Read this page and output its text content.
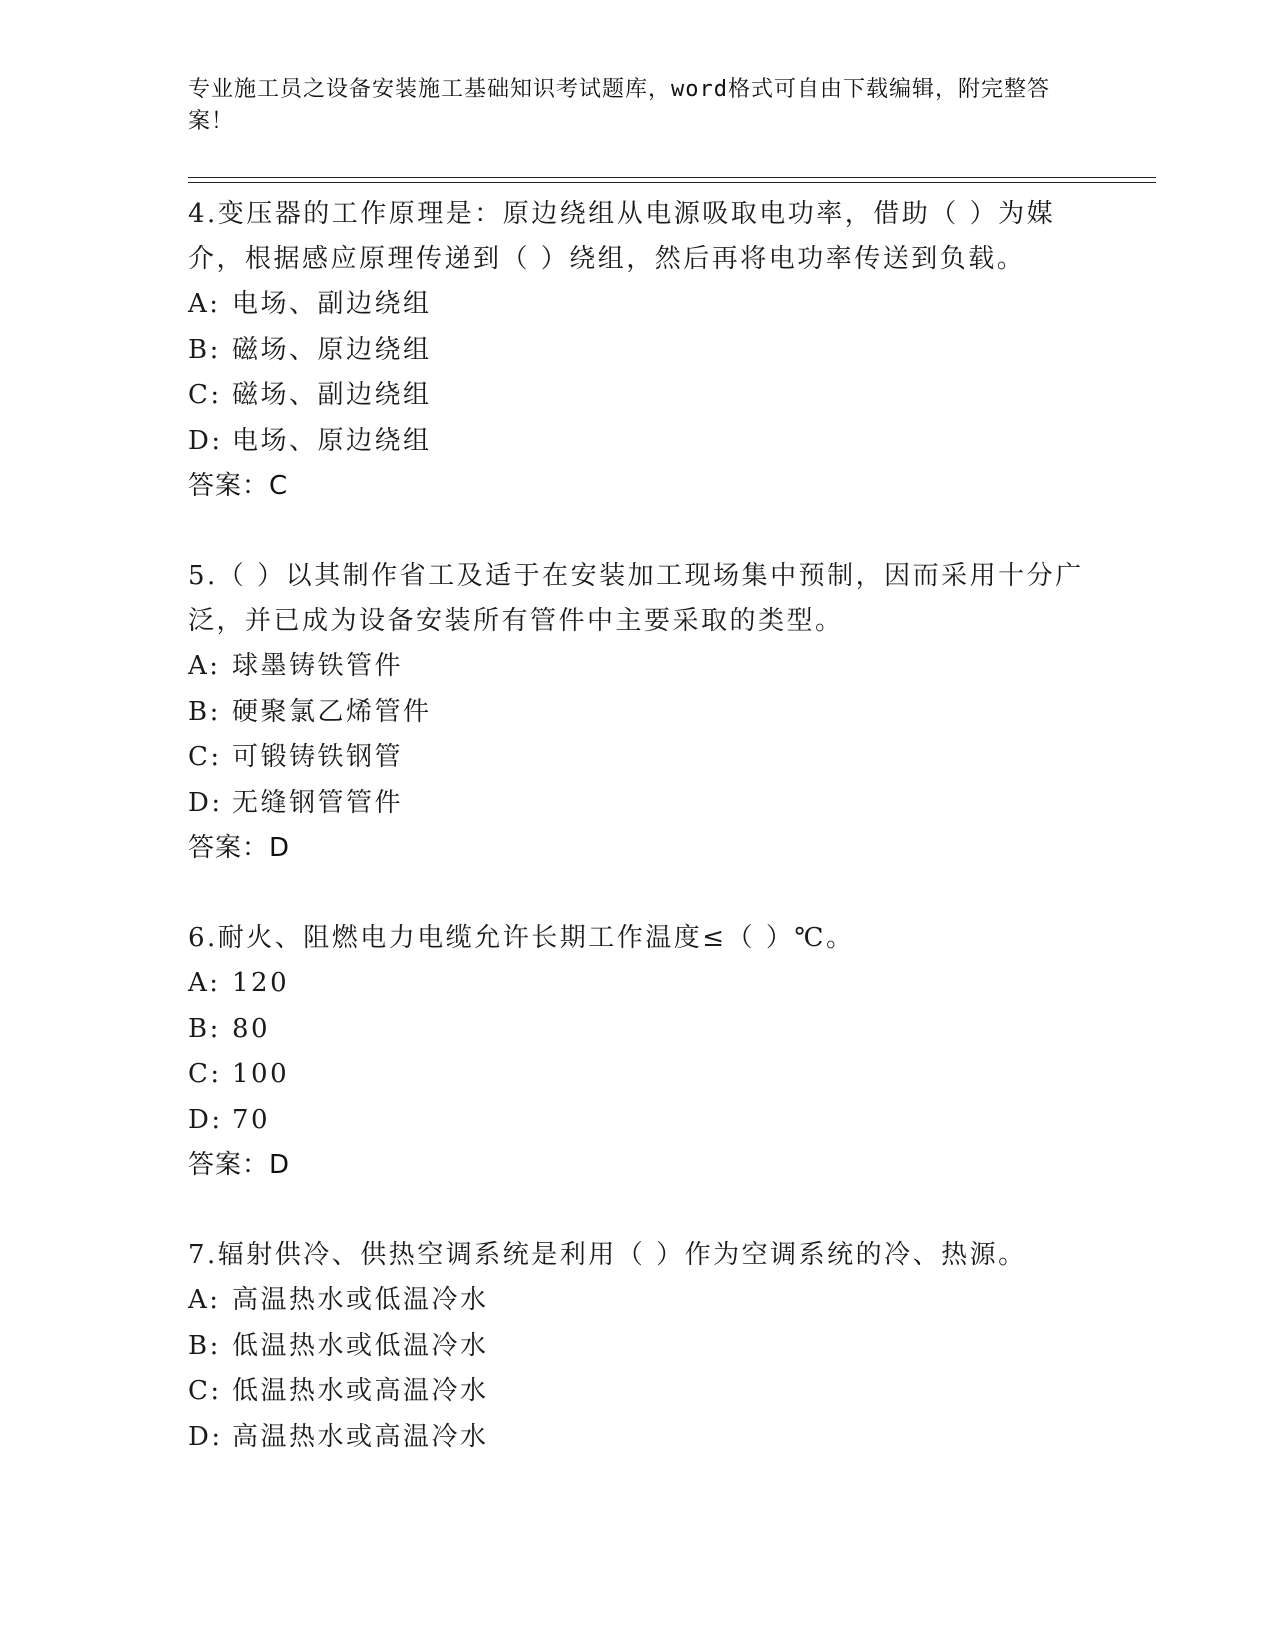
专业施工员之设备安装施工基础知识考试题库，word格式可自由下载编辑，附完整答案！
4.变压器的工作原理是：原边绕组从电源吸取电功率，借助（ ）为媒介，根据感应原理传递到（ ）绕组，然后再将电功率传送到负载。
A: 电场、副边绕组
B: 磁场、原边绕组
C: 磁场、副边绕组
D: 电场、原边绕组
答案：C
5.（ ）以其制作省工及适于在安装加工现场集中预制，因而采用十分广泛，并已成为设备安装所有管件中主要采取的类型。
A: 球墨铸铁管件
B: 硬聚氯乙烯管件
C: 可锻铸铁钢管
D: 无缝钢管管件
答案：D
6.耐火、阻燃电力电缆允许长期工作温度≤（ ）℃。
A: 120
B: 80
C: 100
D: 70
答案：D
7.辐射供冷、供热空调系统是利用（ ）作为空调系统的冷、热源。
A: 高温热水或低温冷水
B: 低温热水或低温冷水
C: 低温热水或高温冷水
D: 高温热水或高温冷水
